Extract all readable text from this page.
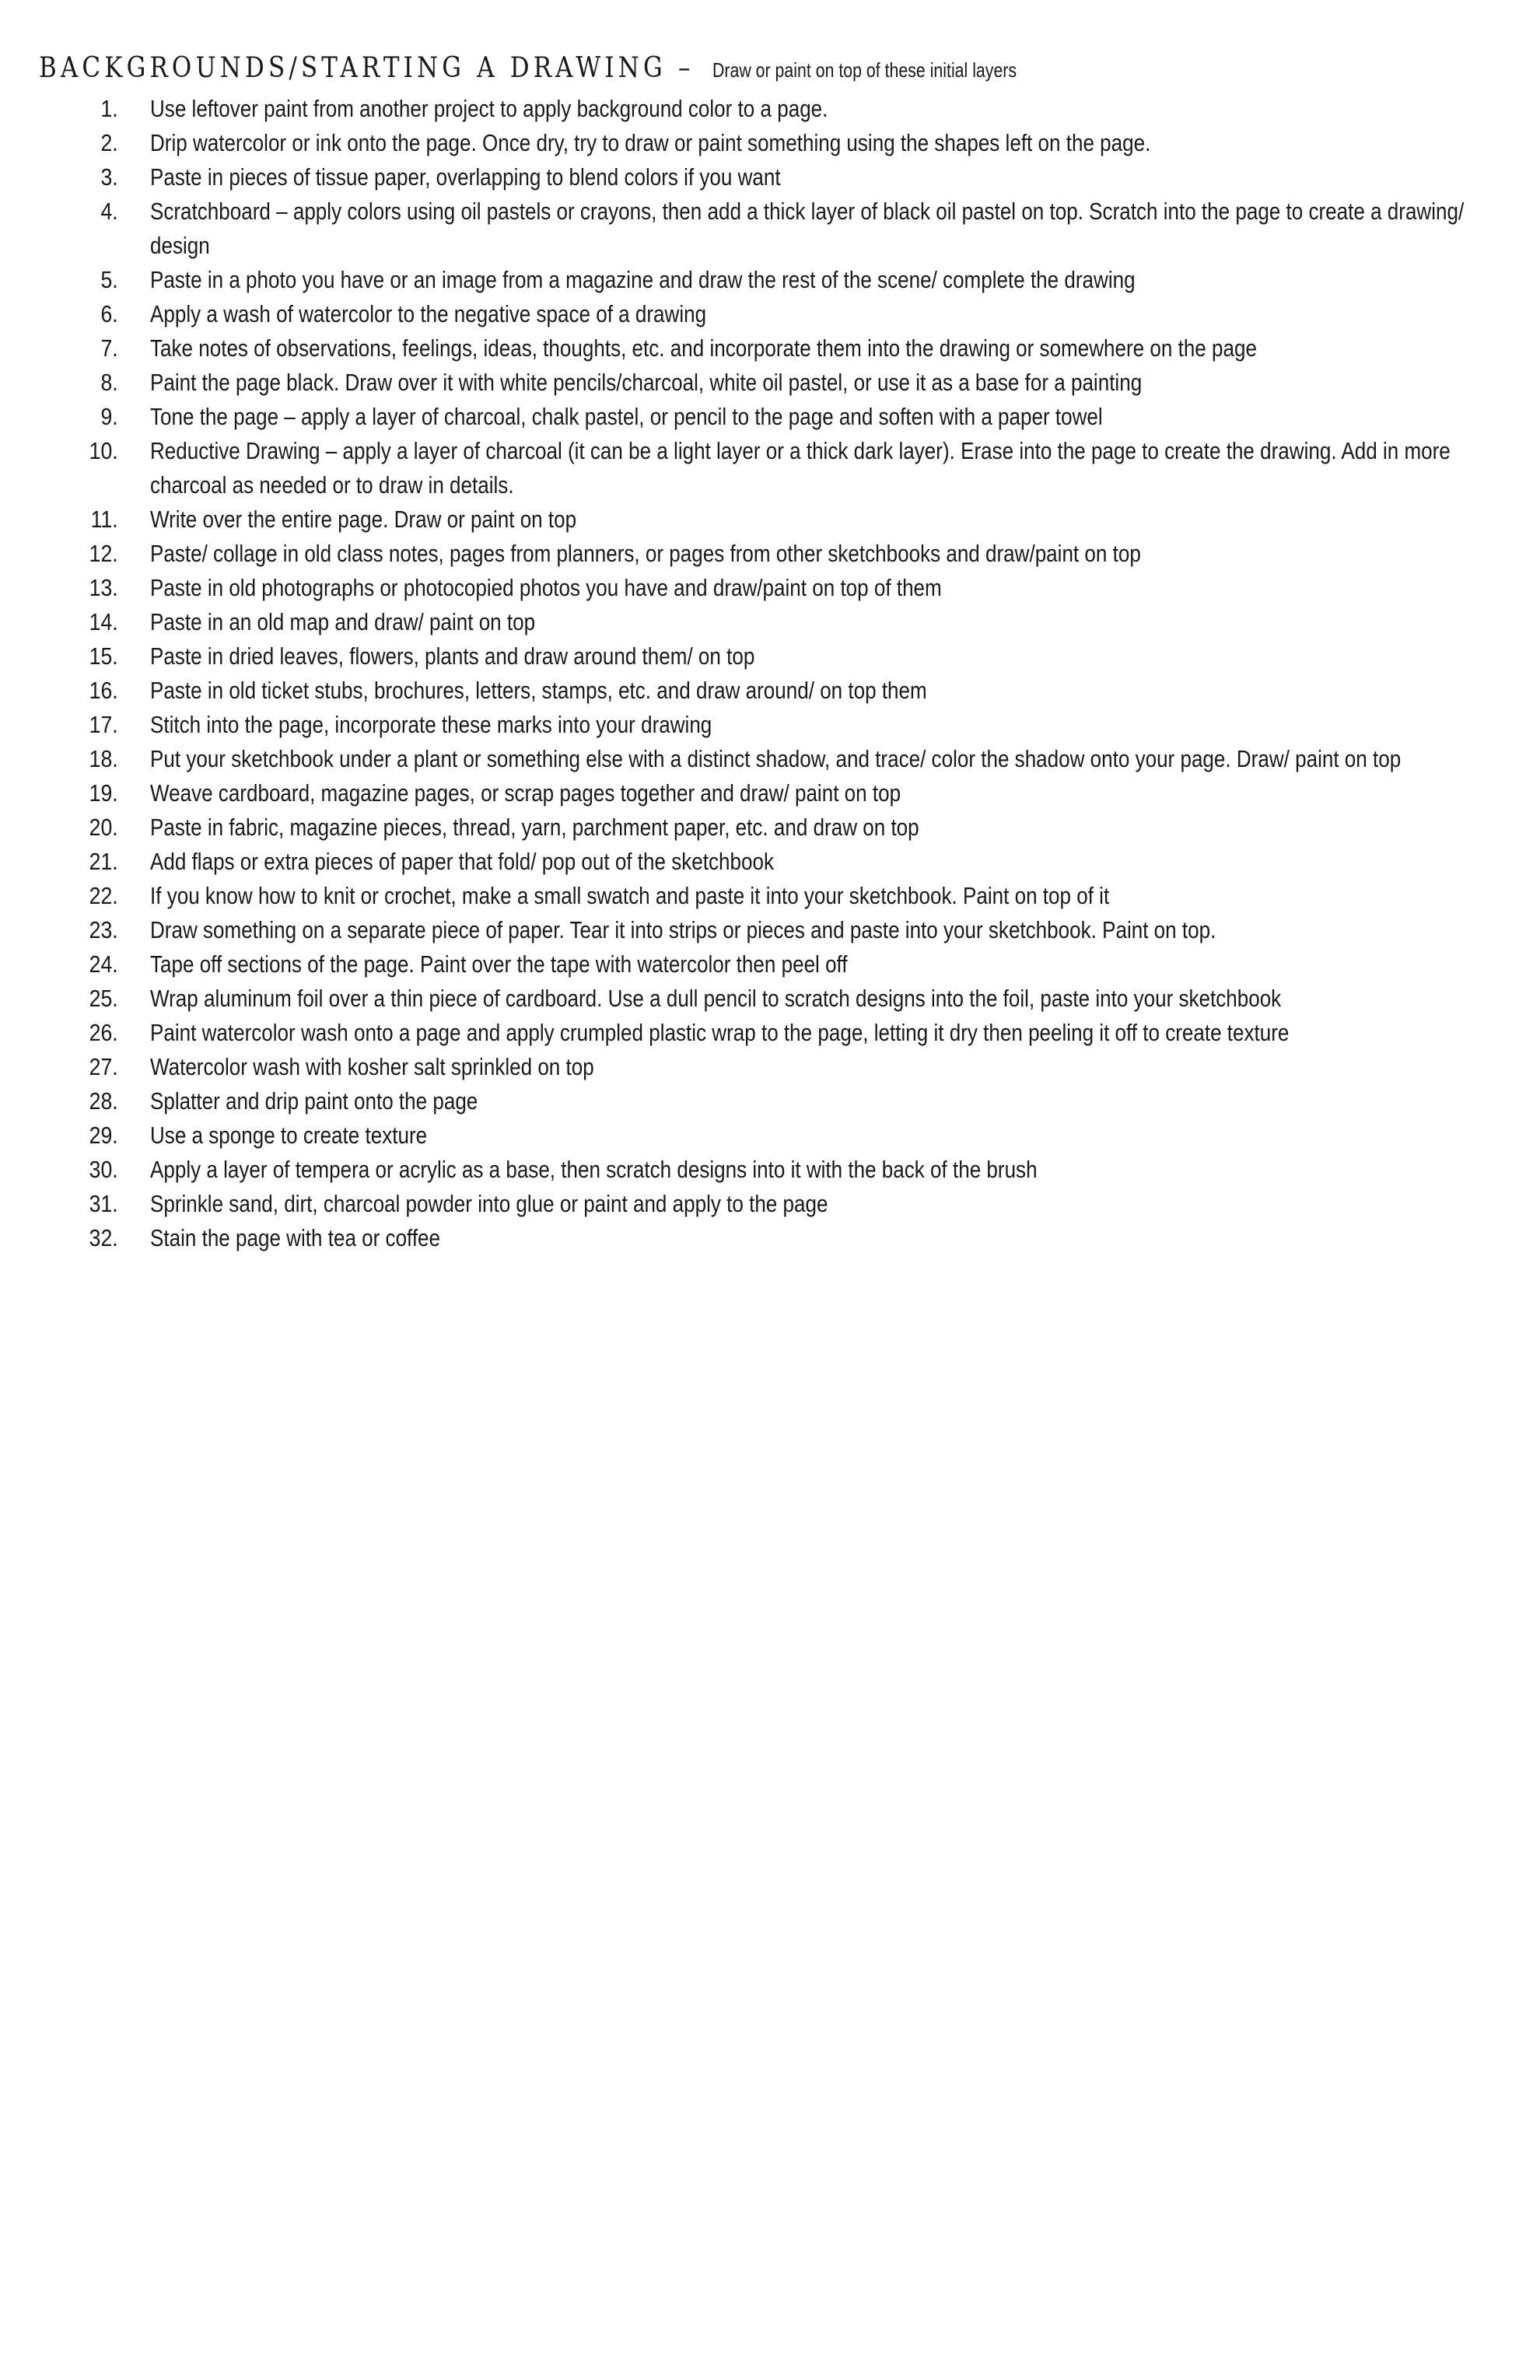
BACKGROUNDS/STARTING A DRAWING – Draw or paint on top of these initial layers
1.	Use leftover paint from another project to apply background color to a page.
2.	Drip watercolor or ink onto the page. Once dry, try to draw or paint something using the shapes left on the page.
3.	Paste in pieces of tissue paper, overlapping to blend colors if you want
4.	Scratchboard – apply colors using oil pastels or crayons, then add a thick layer of black oil pastel on top. Scratch into the page to create a drawing/ design
5.	Paste in a photo you have or an image from a magazine and draw the rest of the scene/ complete the drawing
6.	Apply a wash of watercolor to the negative space of a drawing
7.	Take notes of observations, feelings, ideas, thoughts, etc. and incorporate them into the drawing or somewhere on the page
8.	Paint the page black. Draw over it with white pencils/charcoal, white oil pastel, or use it as a base for a painting
9.	Tone the page – apply a layer of charcoal, chalk pastel, or pencil to the page and soften with a paper towel
10.	Reductive Drawing – apply a layer of charcoal (it can be a light layer or a thick dark layer). Erase into the page to create the drawing. Add in more charcoal as needed or to draw in details.
11.	Write over the entire page. Draw or paint on top
12.	Paste/ collage in old class notes, pages from planners, or pages from other sketchbooks and draw/paint on top
13.	Paste in old photographs or photocopied photos you have and draw/paint on top of them
14.	Paste in an old map and draw/ paint on top
15.	Paste in dried leaves, flowers, plants and draw around them/ on top
16.	Paste in old ticket stubs, brochures, letters, stamps, etc. and draw around/ on top them
17.	Stitch into the page, incorporate these marks into your drawing
18.	Put your sketchbook under a plant or something else with a distinct shadow, and trace/ color the shadow onto your page. Draw/ paint on top
19.	Weave cardboard, magazine pages, or scrap pages together and draw/ paint on top
20.	Paste in fabric, magazine pieces, thread, yarn, parchment paper, etc. and draw on top
21.	Add flaps or extra pieces of paper that fold/ pop out of the sketchbook
22.	If you know how to knit or crochet, make a small swatch and paste it into your sketchbook. Paint on top of it
23.	Draw something on a separate piece of paper. Tear it into strips or pieces and paste into your sketchbook. Paint on top.
24.	Tape off sections of the page. Paint over the tape with watercolor then peel off
25.	Wrap aluminum foil over a thin piece of cardboard. Use a dull pencil to scratch designs into the foil, paste into your sketchbook
26.	Paint watercolor wash onto a page and apply crumpled plastic wrap to the page, letting it dry then peeling it off to create texture
27.	Watercolor wash with kosher salt sprinkled on top
28.	Splatter and drip paint onto the page
29.	Use a sponge to create texture
30.	Apply a layer of tempera or acrylic as a base, then scratch designs into it with the back of the brush
31.	Sprinkle sand, dirt, charcoal powder into glue or paint and apply to the page
32.	Stain the page with tea or coffee
